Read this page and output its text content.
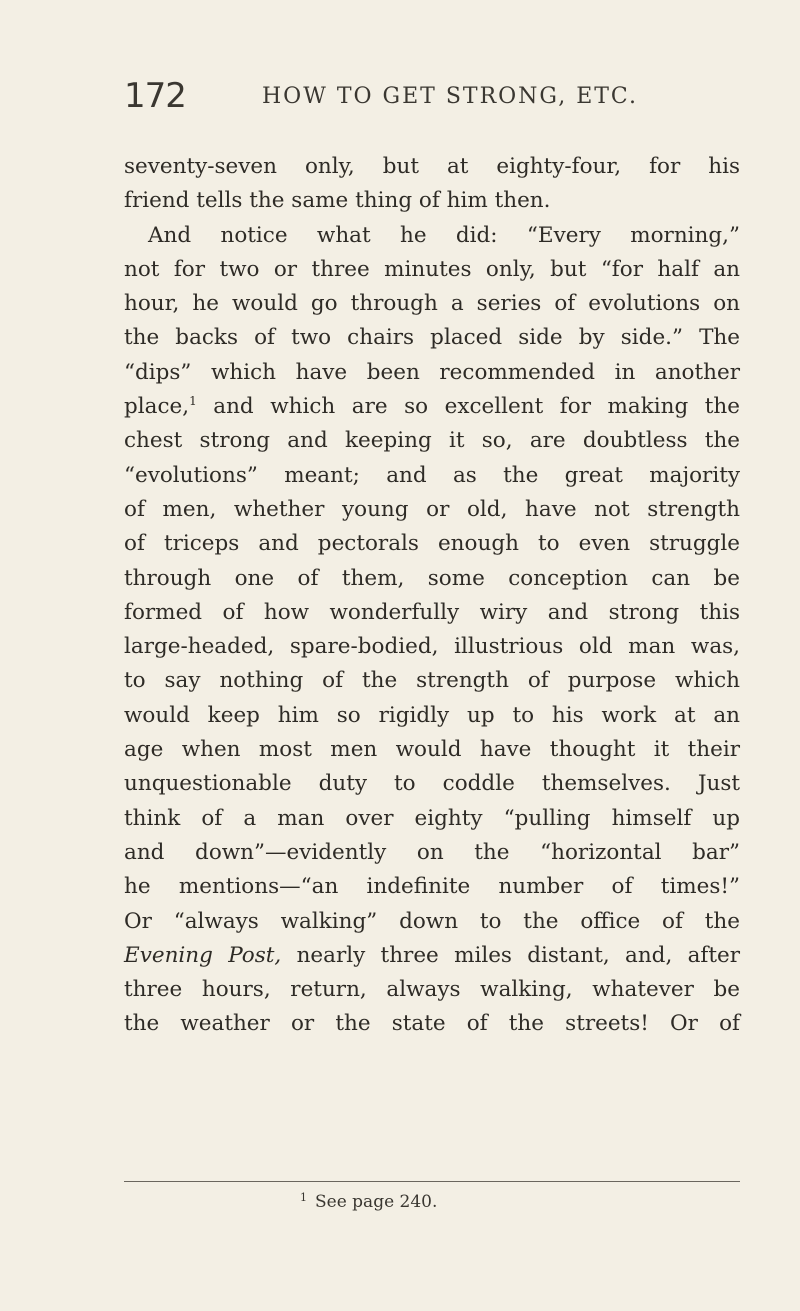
172	HOW TO GET STRONG, ETC.
seventy-seven only, but at eighty-four, for his
friend tells the same thing of him then.
And notice what he did: “Every morning,”
not for two or three minutes only, but “for half an
hour, he would go through a series of evolutions on
the backs of two chairs placed side by side.” The
“dips” which have been recommended in another
place,$^1$ and which are so excellent for making the
chest strong and keeping it so, are doubtless the
“evolutions” meant; and as the great majority
of men, whether young or old, have not strength
of triceps and pectorals enough to even struggle
through one of them, some conception can be
formed of how wonderfully wiry and strong this
large-headed, spare-bodied, illustrious old man was,
to say nothing of the strength of purpose which
would keep him so rigidly up to his work at an
age when most men would have thought it their
unquestionable duty to coddle themselves. Just
think of a man over eighty “pulling himself up
and down”—evidently on the “horizontal bar”
he mentions—“an indefinite number of times!”
Or “always walking” down to the office of the
Evening Post, nearly three miles distant, and, after
three hours, return, always walking, whatever be
the weather or the state of the streets! Or of
$^1$ See page 240.
